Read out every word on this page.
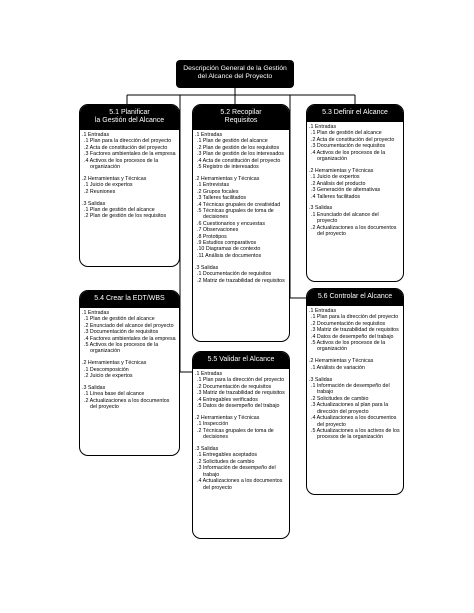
Descripción General de la Gestión
del Alcance del Proyecto
5.1 Planificar
la Gestión del Alcance
.1 Entradas
.1 Plan para la dirección del proyecto
.2 Acta de constitución del proyecto
.3 Factores ambientales de la empresa
.4 Activos de los procesos de la organización
.2 Herramientas y Técnicas
.1 Juicio de expertos
.2 Reuniones
.3 Salidas
.1 Plan de gestión del alcance
.2 Plan de gestión de los requisitos
5.2 Recopilar
Requisitos
.1 Entradas
.1 Plan de gestión del alcance
.2 Plan de gestión de los requisitos
.3 Plan de gestión de los interesados
.4 Acta de constitución del proyecto
.5 Registro de interesados
.2 Herramientas y Técnicas
.1 Entrevistas
.2 Grupos focales
.3 Talleres facilitados
.4 Técnicas grupales de creatividad
.5 Técnicas grupales de toma de decisiones
.6 Cuestionarios y encuestas
.7 Observaciones
.8 Prototipos
.9 Estudios comparativos
.10 Diagramas de contexto
.11 Análisis de documentos
.3 Salidas
.1 Documentación de requisitos
.2 Matriz de trazabilidad de requisitos
5.3 Definir el Alcance
.1 Entradas
.1 Plan de gestión del alcance
.2 Acta de constitución del proyecto
.3 Documentación de requisitos
.4 Activos de los procesos de la organización
.2 Herramientas y Técnicas
.1 Juicio de expertos
.2 Análisis del producto
.3 Generación de alternativas
.4 Talleres facilitados
.3 Salidas
.1 Enunciado del alcance del proyecto
.2 Actualizaciones a los documentos del proyecto
5.4 Crear la EDT/WBS
.1 Entradas
.1 Plan de gestión del alcance
.2 Enunciado del alcance del proyecto
.3 Documentación de requisitos
.4 Factores ambientales de la empresa
.5 Activos de los procesos de la organización
.2 Herramientas y Técnicas
.1 Descomposición
.2 Juicio de expertos
.3 Salidas
.1 Línea base del alcance
.2 Actualizaciones a los documentos del proyecto
5.5 Validar el Alcance
.1 Entradas
.1 Plan para la dirección del proyecto
.2 Documentación de requisitos
.3 Matriz de trazabilidad de requisitos
.4 Entregables verificados
.5 Datos de desempeño del trabajo
.2 Herramientas y Técnicas
.1 Inspección
.2 Técnicas grupales de toma de decisiones
.3 Salidas
.1 Entregables aceptados
.2 Solicitudes de cambio
.3 Información de desempeño del trabajo
.4 Actualizaciones a los documentos del proyecto
5.6 Controlar el Alcance
.1 Entradas
.1 Plan para la dirección del proyecto
.2 Documentación de requisitos
.3 Matriz de trazabilidad de requisitos
.4 Datos de desempeño del trabajo
.5 Activos de los procesos de la organización
.2 Herramientas y Técnicas
.1 Análisis de variación
.3 Salidas
.1 Información de desempeño del trabajo
.2 Solicitudes de cambio
.3 Actualizaciones al plan para la dirección del proyecto
.4 Actualizaciones a los documentos del proyecto
.5 Actualizaciones a los activos de los procesos de la organización
